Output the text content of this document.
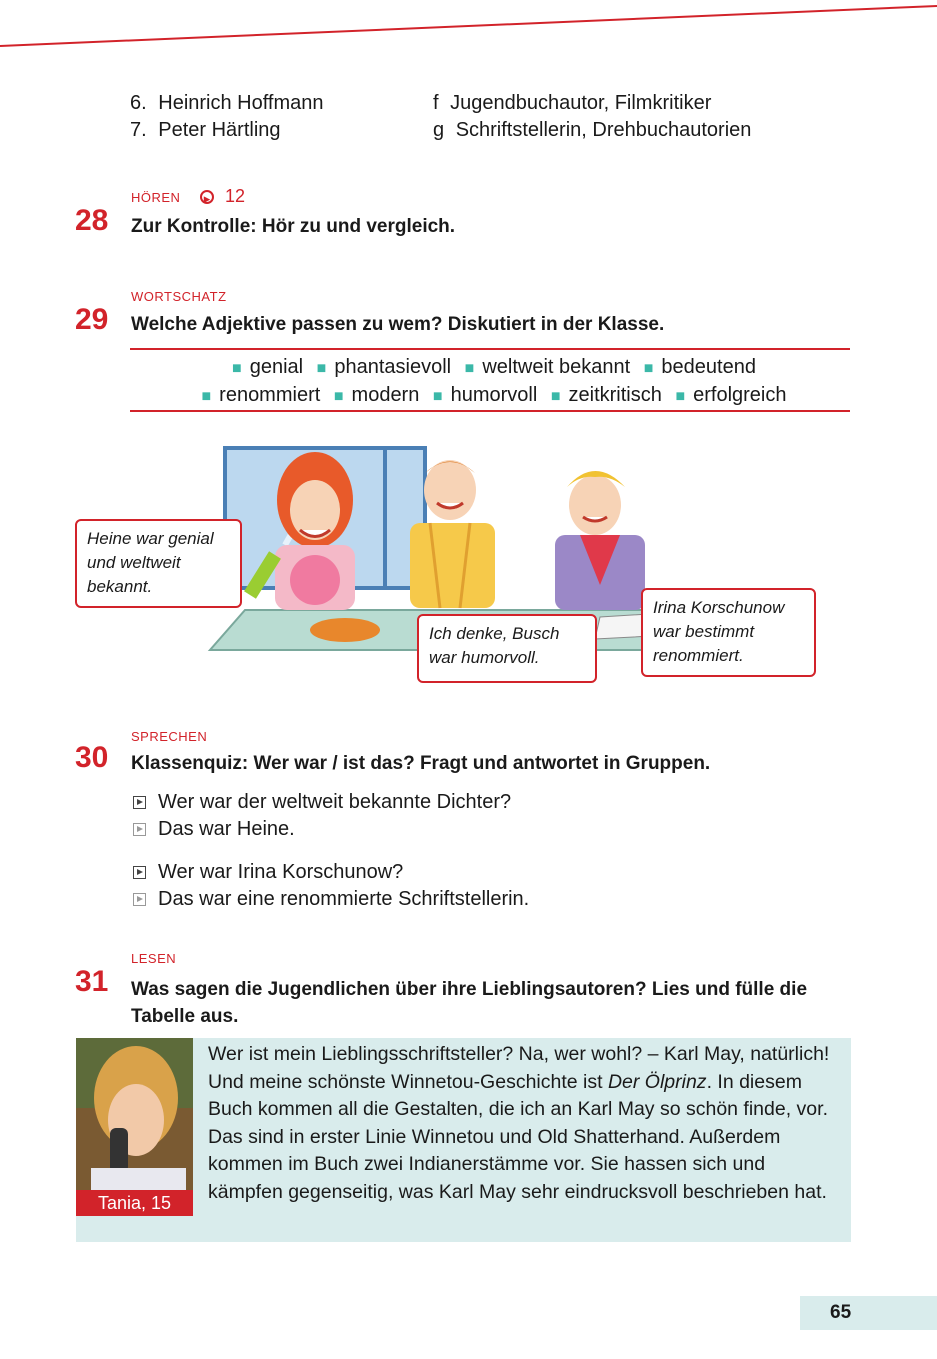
6. Heinrich Hoffmann	f Jugendbuchautor, Filmkritiker
7. Peter Härtling	g Schriftstellerin, Drehbuchautorien
HÖREN ▸ 12
28 Zur Kontrolle: Hör zu und vergleich.
WORTSCHATZ
29 Welche Adjektive passen zu wem? Diskutiert in der Klasse.
■ genial ■ phantasievoll ■ weltweit bekannt ■ bedeutend
■ renommiert ■ modern ■ humorvoll ■ zeitkritisch ■ erfolgreich
Heine war genial und weltweit bekannt.
Ich denke, Busch war humorvoll.
Irina Korschunow war bestimmt renommiert.
SPRECHEN
30 Klassenquiz: Wer war / ist das? Fragt und antwortet in Gruppen.
Wer war der weltweit bekannte Dichter?
Das war Heine.
Wer war Irina Korschunow?
Das war eine renommierte Schriftstellerin.
LESEN
31 Was sagen die Jugendlichen über ihre Lieblingsautoren? Lies und fülle die
Tabelle aus.
Tania, 15
Wer ist mein Lieblingsschriftsteller? Na, wer wohl? – Karl May, natürlich! Und meine schönste Winnetou-Geschichte ist Der Ölprinz. In diesem Buch kommen all die Gestalten, die ich an Karl May so schön finde, vor. Das sind in erster Linie Winnetou und Old Shatterhand. Außerdem kommen im Buch zwei Indianerstämme vor. Sie hassen sich und kämpfen gegenseitig, was Karl May sehr eindrucksvoll beschrieben hat.
65
